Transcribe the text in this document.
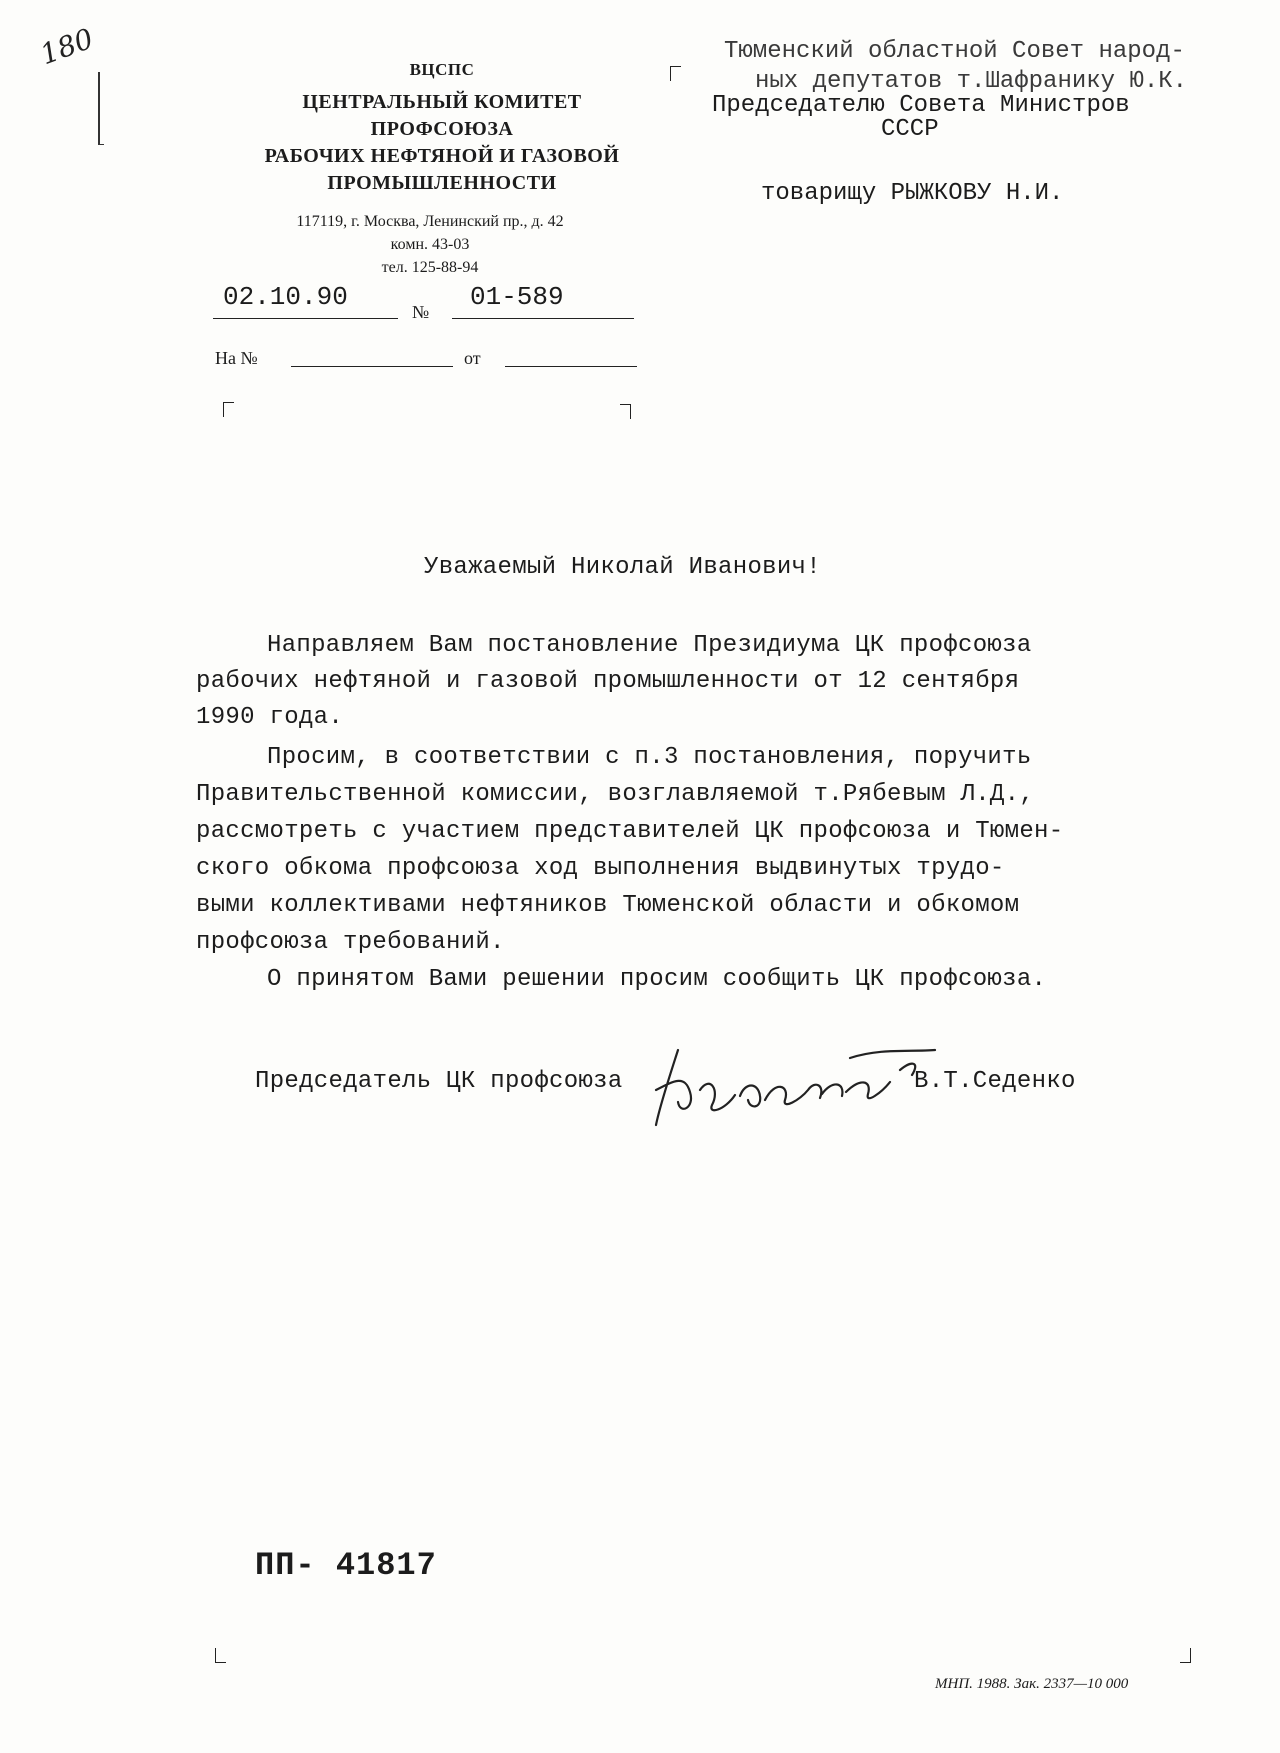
180	ВЦСПС
ЦЕНТРАЛЬНЫЙ КОМИТЕТ
ПРОФСОЮЗА
РАБОЧИХ НЕФТЯНОЙ И ГАЗОВОЙ
ПРОМЫШЛЕННОСТИ
117119, г. Москва, Ленинский пр., д. 42
комн. 43-03
тел. 125-88-94
02.10.90	№ 01-589
На №	от
Тюменский областной Совет народ-
ных депутатов т.Шафранику Ю.К.
Председателю Совета Министров
СССР
товарищу РЫЖКОВУ Н.И.
Уважаемый Николай Иванович!
Направляем Вам постановление Президиума ЦК профсоюза
рабочих нефтяной и газовой промышленности от 12 сентября
1990 года.
Просим, в соответствии с п.3 постановления, поручить
Правительственной комиссии, возглавляемой т.Рябевым Л.Д.,
рассмотреть с участием представителей ЦК профсоюза и Тюмен-
ского обкома профсоюза ход выполнения выдвинутых трудо-
выми коллективами нефтяников Тюменской области и обкомом
профсоюза требований.
О принятом Вами решении просим сообщить ЦК профсоюза.
Председатель ЦК профсоюза	В.Т.Седенко
ПП- 41817
МНП. 1988. Зак. 2337—10 000
